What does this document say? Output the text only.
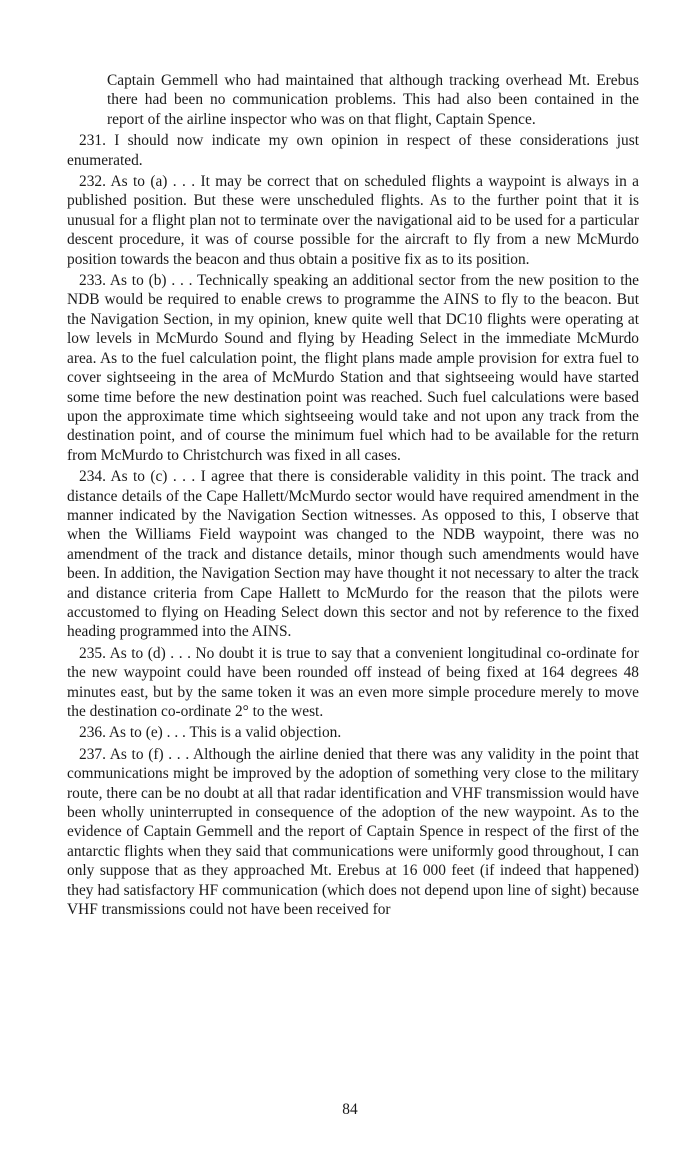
Captain Gemmell who had maintained that although tracking overhead Mt. Erebus there had been no communication problems. This had also been contained in the report of the airline inspector who was on that flight, Captain Spence.

231. I should now indicate my own opinion in respect of these considerations just enumerated.

232. As to (a) . . . It may be correct that on scheduled flights a waypoint is always in a published position. But these were unscheduled flights. As to the further point that it is unusual for a flight plan not to terminate over the navigational aid to be used for a particular descent procedure, it was of course possible for the aircraft to fly from a new McMurdo position towards the beacon and thus obtain a positive fix as to its position.

233. As to (b) . . . Technically speaking an additional sector from the new position to the NDB would be required to enable crews to programme the AINS to fly to the beacon. But the Navigation Section, in my opinion, knew quite well that DC10 flights were operating at low levels in McMurdo Sound and flying by Heading Select in the immediate McMurdo area. As to the fuel calculation point, the flight plans made ample provision for extra fuel to cover sightseeing in the area of McMurdo Station and that sightseeing would have started some time before the new destination point was reached. Such fuel calculations were based upon the approximate time which sightseeing would take and not upon any track from the destination point, and of course the minimum fuel which had to be available for the return from McMurdo to Christchurch was fixed in all cases.

234. As to (c) . . . I agree that there is considerable validity in this point. The track and distance details of the Cape Hallett/McMurdo sector would have required amendment in the manner indicated by the Navigation Section witnesses. As opposed to this, I observe that when the Williams Field waypoint was changed to the NDB waypoint, there was no amendment of the track and distance details, minor though such amendments would have been. In addition, the Navigation Section may have thought it not necessary to alter the track and distance criteria from Cape Hallett to McMurdo for the reason that the pilots were accustomed to flying on Heading Select down this sector and not by reference to the fixed heading programmed into the AINS.

235. As to (d) . . . No doubt it is true to say that a convenient longitudinal co-ordinate for the new waypoint could have been rounded off instead of being fixed at 164 degrees 48 minutes east, but by the same token it was an even more simple procedure merely to move the destination co-ordinate 2° to the west.

236. As to (e) . . . This is a valid objection.

237. As to (f) . . . Although the airline denied that there was any validity in the point that communications might be improved by the adoption of something very close to the military route, there can be no doubt at all that radar identification and VHF transmission would have been wholly uninterrupted in consequence of the adoption of the new waypoint. As to the evidence of Captain Gemmell and the report of Captain Spence in respect of the first of the antarctic flights when they said that communications were uniformly good throughout, I can only suppose that as they approached Mt. Erebus at 16 000 feet (if indeed that happened) they had satisfactory HF communication (which does not depend upon line of sight) because VHF transmissions could not have been received for

84
